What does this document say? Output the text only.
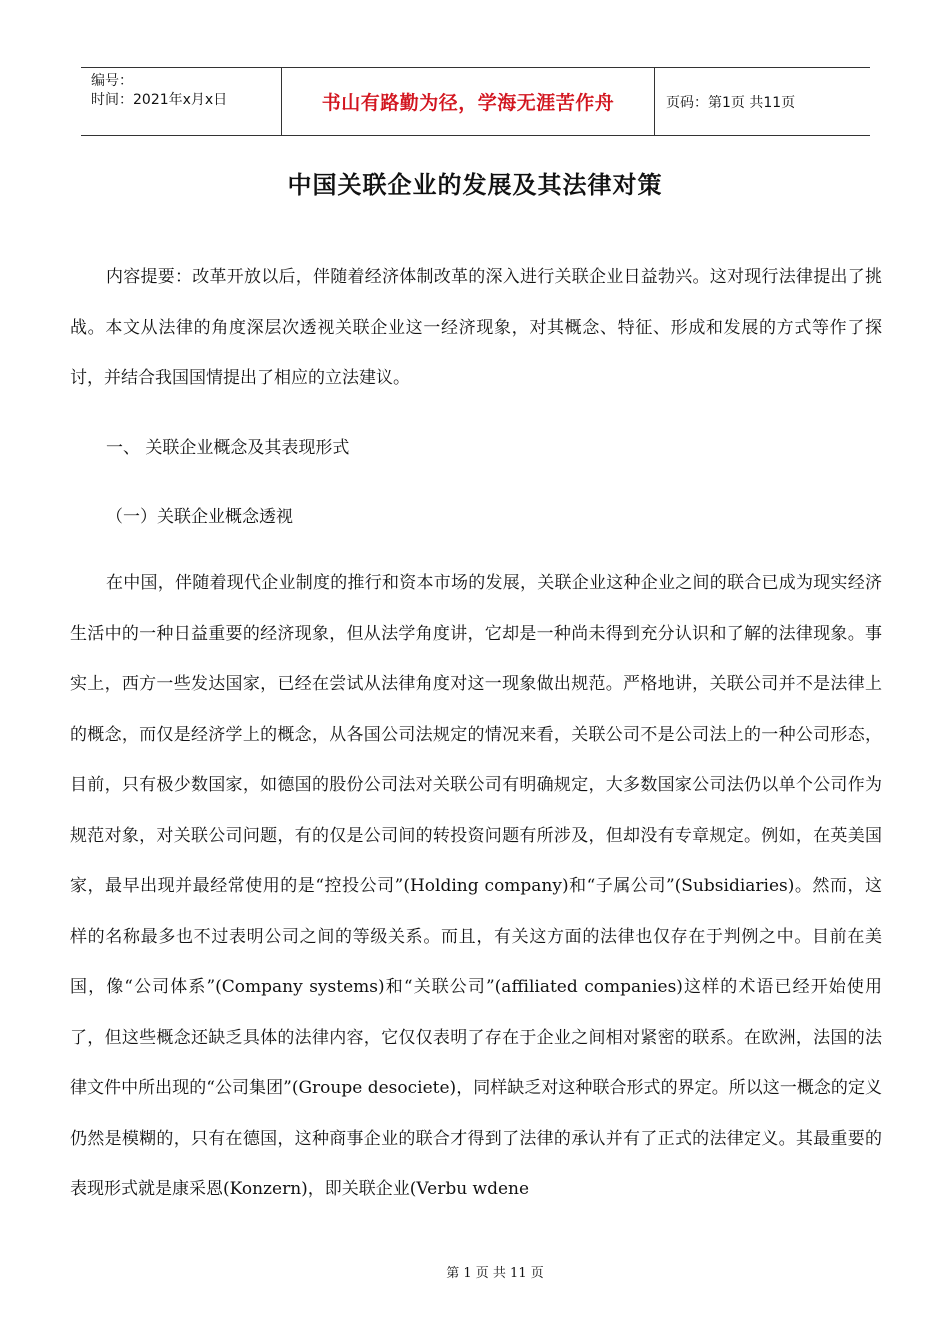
编号：
时间：2021年x月x日	书山有路勤为径，学海无涯苦作舟	页码：第1页 共11页
中国关联企业的发展及其法律对策

内容提要：改革开放以后，伴随着经济体制改革的深入进行关联企业日益勃兴。这对现行法律提出了挑战。本文从法律的角度深层次透视关联企业这一经济现象，对其概念、特征、形成和发展的方式等作了探讨，并结合我国国情提出了相应的立法建议。

一、 关联企业概念及其表现形式

（一）关联企业概念透视

在中国，伴随着现代企业制度的推行和资本市场的发展，关联企业这种企业之间的联合已成为现实经济生活中的一种日益重要的经济现象，但从法学角度讲，它却是一种尚未得到充分认识和了解的法律现象。事实上，西方一些发达国家，已经在尝试从法律角度对这一现象做出规范。严格地讲，关联公司并不是法律上的概念，而仅是经济学上的概念，从各国公司法规定的情况来看，关联公司不是公司法上的一种公司形态，目前，只有极少数国家，如德国的股份公司法对关联公司有明确规定，大多数国家公司法仍以单个公司作为规范对象，对关联公司问题，有的仅是公司间的转投资问题有所涉及，但却没有专章规定。例如，在英美国家，最早出现并最经常使用的是“控投公司”(Holding company)和“子属公司”(Subsidiaries)。然而，这样的名称最多也不过表明公司之间的等级关系。而且，有关这方面的法律也仅存在于判例之中。目前在美国，像“公司体系”(Company systems)和“关联公司”(affiliated companies)这样的术语已经开始使用了，但这些概念还缺乏具体的法律内容，它仅仅表明了存在于企业之间相对紧密的联系。在欧洲，法国的法律文件中所出现的“公司集团”(Groupe desociete)，同样缺乏对这种联合形式的界定。所以这一概念的定义仍然是模糊的，只有在德国，这种商事企业的联合才得到了法律的承认并有了正式的法律定义。其最重要的表现形式就是康采恩(Konzern)，即关联企业(Verbu wdene

第 1 页 共 11 页
